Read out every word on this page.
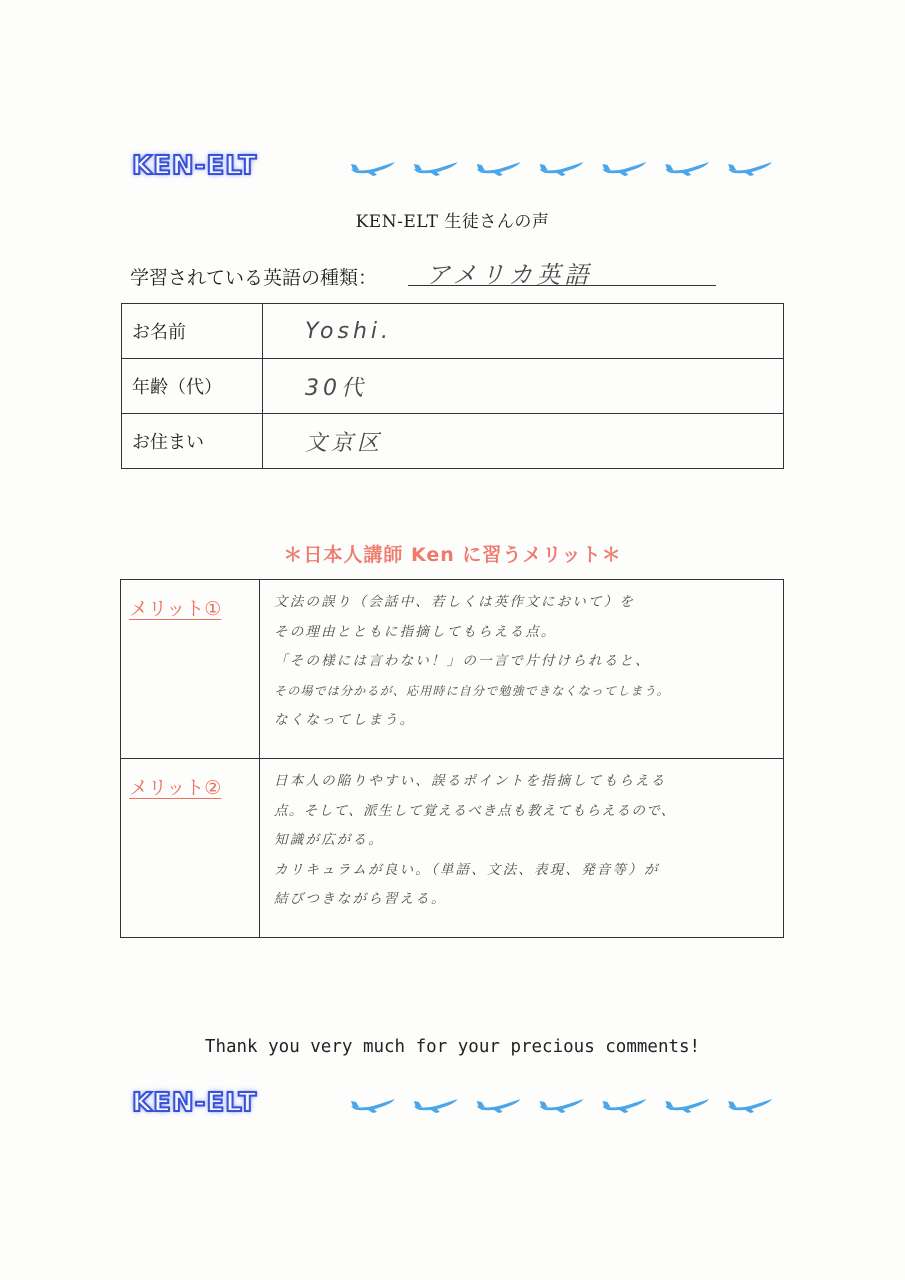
KEN-ELT
KEN-ELT 生徒さんの声
学習されている英語の種類： アメリカ英語
お名前	Yoshi.
年齢（代）	30代
お住まい	文京区
＊日本人講師 Ken に習うメリット＊
メリット①	文法の誤り（会話中、若しくは英作文において）を
その理由とともに指摘してもらえる点。
「その様には言わない！」の一言で片付けられると、
その場では分かるが、応用時に自分で勉強できなくなってしまう。
なくなってしまう。

メリット②	日本人の陥りやすい、誤るポイントを指摘してもらえる
点。そして、派生して覚えるべき点も教えてもらえるので、
知識が広がる。
カリキュラムが良い。（単語、文法、表現、発音等）が
結びつきながら習える。
Thank you very much for your precious comments!
KEN-ELT
